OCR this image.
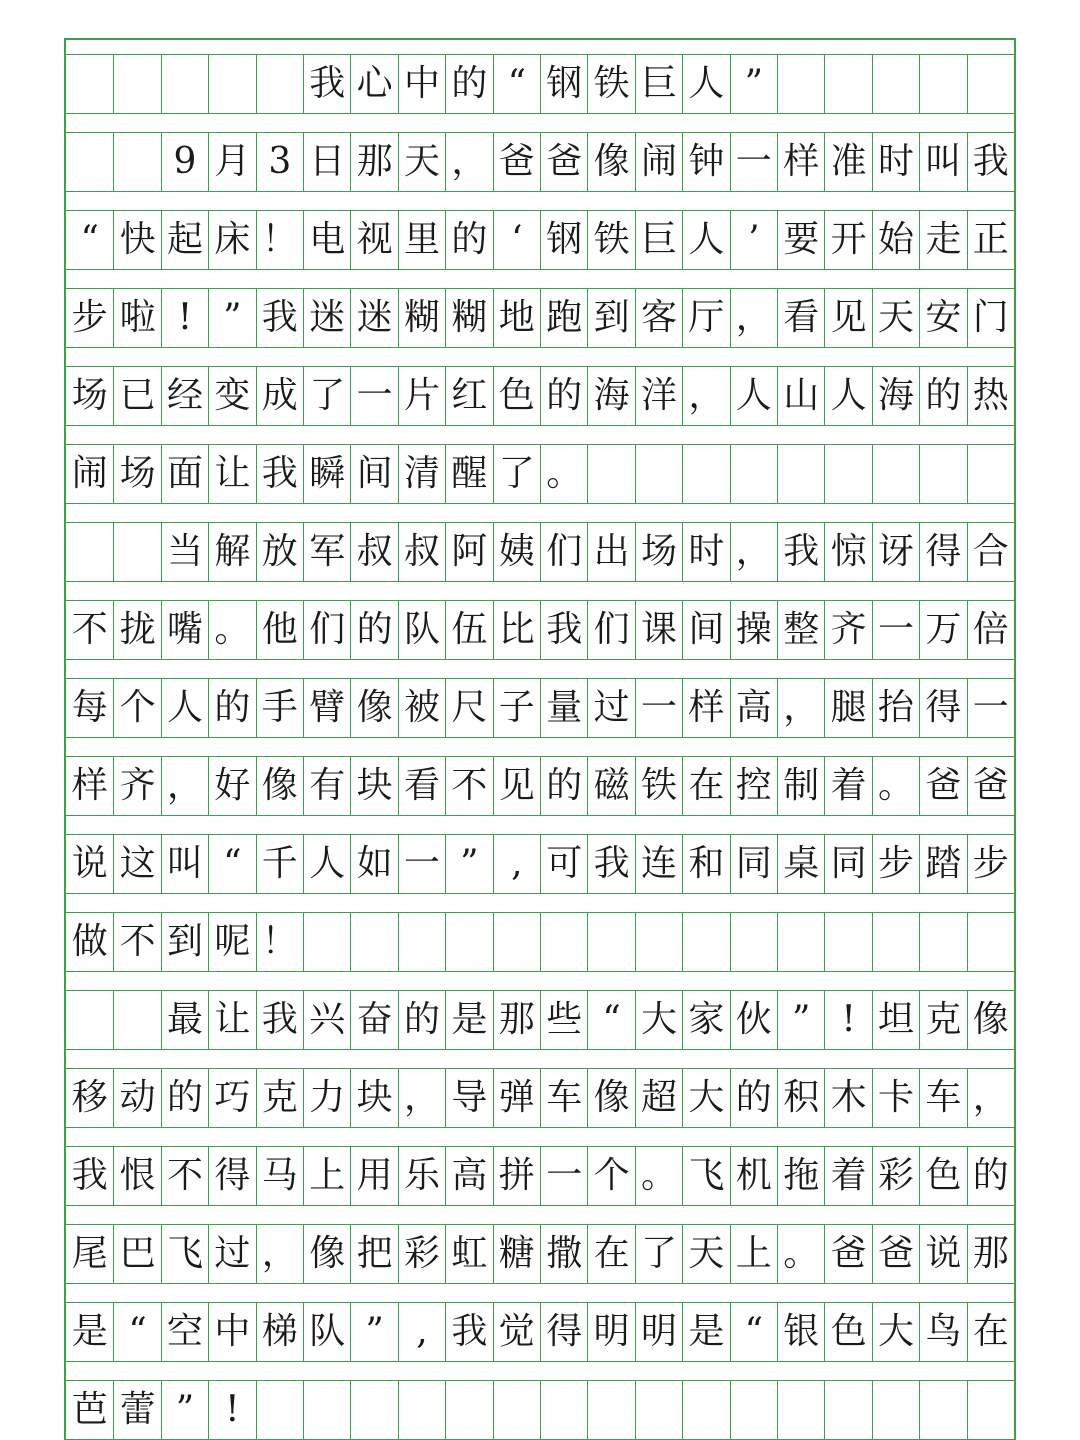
我 心 中 的 “ 钢 铁 巨 人 ”
9 月 3 日 那 天 ， 爸 爸 像 闹 钟 一 样 准 时 叫 我
“ 快 起 床 ！ 电 视 里 的 ‘ 钢 铁 巨 人 ’ 要 开 始 走 正
步 啦 ! ” 我 迷 迷 糊 糊 地 跑 到 客 厅 ， 看 见 天 安 门
场 已 经 变 成 了 一 片 红 色 的 海 洋 ， 人 山 人 海 的 热
闹 场 面 让 我 瞬 间 清 醒 了 。
当 解 放 军 叔 叔 阿 姨 们 出 场 时 ， 我 惊 讶 得 合
不 拢 嘴 。 他 们 的 队 伍 比 我 们 课 间 操 整 齐 一 万 倍
每 个 人 的 手 臂 像 被 尺 子 量 过 一 样 高 ， 腿 抬 得 一
样 齐 ， 好 像 有 块 看 不 见 的 磁 铁 在 控 制 着 。 爸 爸
说 这 叫 “ 千 人 如 一 ” , 可 我 连 和 同 桌 同 步 踏 步
做 不 到 呢 ！
最 让 我 兴 奋 的 是 那 些 “ 大 家 伙 ” ! 坦 克 像
移 动 的 巧 克 力 块 ， 导 弹 车 像 超 大 的 积 木 卡 车 ，
我 恨 不 得 马 上 用 乐 高 拼 一 个 。 飞 机 拖 着 彩 色 的
尾 巴 飞 过 ， 像 把 彩 虹 糖 撒 在 了 天 上 。 爸 爸 说 那
是 “ 空 中 梯 队 ” , 我 觉 得 明 明 是 “ 银 色 大 鸟 在
芭 蕾 ” !
